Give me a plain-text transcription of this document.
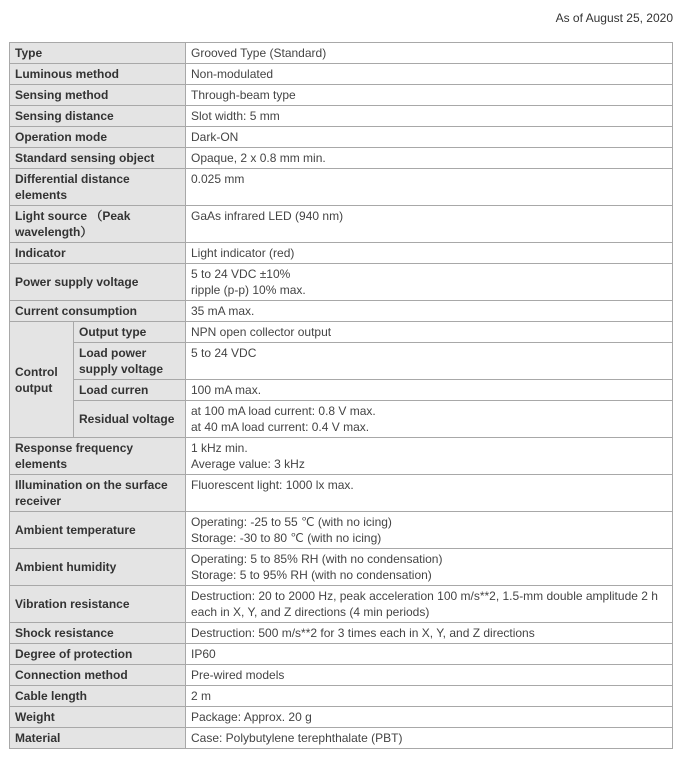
As of August 25, 2020
Type		Grooved Type (Standard)
Luminous method		Non-modulated
Sensing method		Through-beam type
Sensing distance		Slot width: 5 mm
Operation mode		Dark-ON
Standard sensing object		Opaque, 2 x 0.8 mm min.
Differential distance elements		0.025 mm
Light source （Peak wavelength）		GaAs infrared LED (940 nm)
Indicator		Light indicator (red)
Power supply voltage		5 to 24 VDC ±10%
ripple (p-p) 10% max.

Current consumption		35 mA max.
Control output	Output type	NPN open collector output
	Load power supply voltage	5 to 24 VDC
	Load curren	100 mA max.
	Residual voltage	at 100 mA load current: 0.8 V max.
at 40 mA load current: 0.4 V max.

Response frequency elements		1 kHz min.
Average value: 3 kHz

Illumination on the surface receiver		Fluorescent light: 1000 lx max.
Ambient temperature		Operating: -25 to 55 ℃ (with no icing)
Storage: -30 to 80 ℃ (with no icing)

Ambient humidity		Operating: 5 to 85% RH (with no condensation)
Storage: 5 to 95% RH (with no condensation)

Vibration resistance		Destruction: 20 to 2000 Hz, peak acceleration 100 m/s**2, 1.5-mm double amplitude 2 h each in X, Y, and Z directions (4 min periods)
Shock resistance		Destruction: 500 m/s**2 for 3 times each in X, Y, and Z directions
Degree of protection		IP60
Connection method		Pre-wired models
Cable length		2 m
Weight		Package: Approx. 20 g
Material		Case: Polybutylene terephthalate (PBT)
